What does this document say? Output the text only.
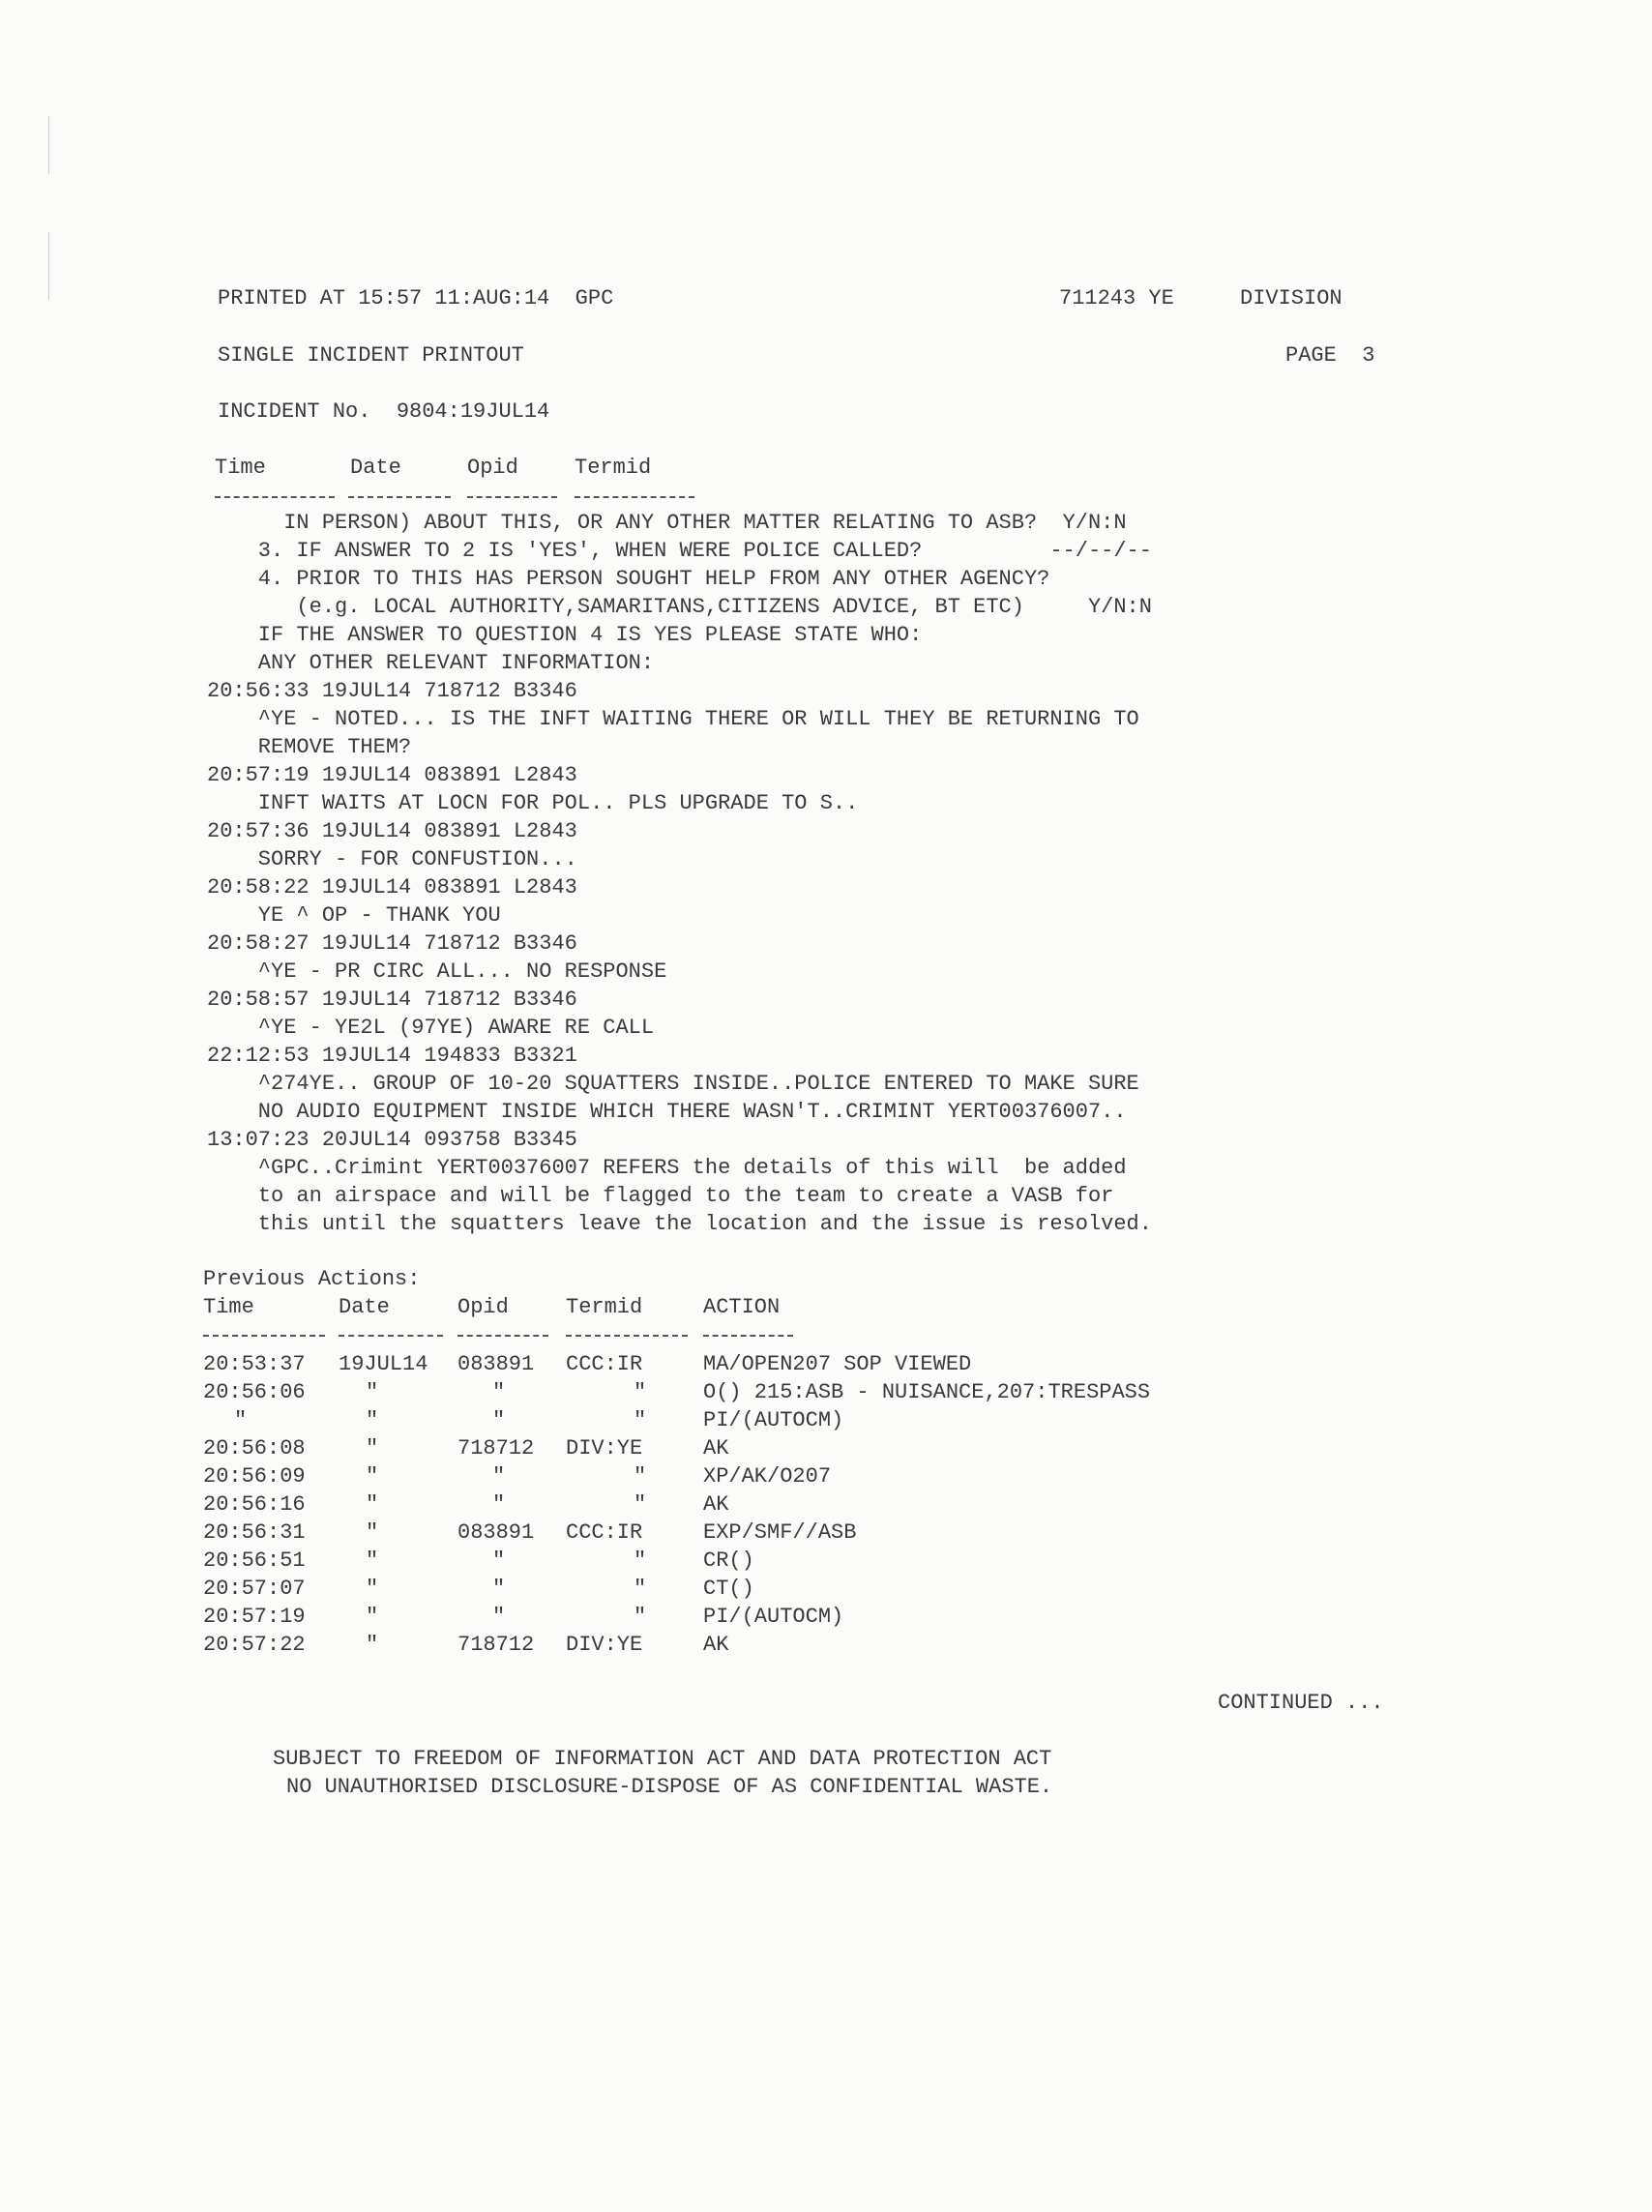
PRINTED AT 15:57 11:AUG:14  GPC	711243 YE	DIVISION
SINGLE INCIDENT PRINTOUT	PAGE  3
INCIDENT No.  9804:19JUL14
Time	Date	Opid	Termid
IN PERSON) ABOUT THIS, OR ANY OTHER MATTER RELATING TO ASB?  Y/N:N
3. IF ANSWER TO 2 IS 'YES', WHEN WERE POLICE CALLED?          --/--/--
4. PRIOR TO THIS HAS PERSON SOUGHT HELP FROM ANY OTHER AGENCY?
(e.g. LOCAL AUTHORITY,SAMARITANS,CITIZENS ADVICE, BT ETC)     Y/N:N
IF THE ANSWER TO QUESTION 4 IS YES PLEASE STATE WHO:
ANY OTHER RELEVANT INFORMATION:
20:56:33 19JUL14 718712 B3346
^YE - NOTED... IS THE INFT WAITING THERE OR WILL THEY BE RETURNING TO
REMOVE THEM?
20:57:19 19JUL14 083891 L2843
INFT WAITS AT LOCN FOR POL.. PLS UPGRADE TO S..
20:57:36 19JUL14 083891 L2843
SORRY - FOR CONFUSTION...
20:58:22 19JUL14 083891 L2843
YE ^ OP - THANK YOU
20:58:27 19JUL14 718712 B3346
^YE - PR CIRC ALL... NO RESPONSE
20:58:57 19JUL14 718712 B3346
^YE - YE2L (97YE) AWARE RE CALL
22:12:53 19JUL14 194833 B3321
^274YE.. GROUP OF 10-20 SQUATTERS INSIDE..POLICE ENTERED TO MAKE SURE
NO AUDIO EQUIPMENT INSIDE WHICH THERE WASN'T..CRIMINT YERT00376007..
13:07:23 20JUL14 093758 B3345
^GPC..Crimint YERT00376007 REFERS the details of this will  be added
to an airspace and will be flagged to the team to create a VASB for
this until the squatters leave the location and the issue is resolved.
Previous Actions:
Time	Date	Opid	Termid	ACTION
20:53:37 19JUL14 083891 CCC:IR	MA/OPEN207 SOP VIEWED
20:56:06	"	"	"	O() 215:ASB - NUISANCE,207:TRESPASS
"	"	"	"	PI/(AUTOCM)
20:56:08	"	718712 DIV:YE	AK
20:56:09	"	"	"	XP/AK/O207
20:56:16	"	"	"	AK
20:56:31	"	083891 CCC:IR	EXP/SMF//ASB
20:56:51	"	"	"	CR()
20:57:07	"	"	"	CT()
20:57:19	"	"	"	PI/(AUTOCM)
20:57:22	"	718712 DIV:YE	AK
CONTINUED ...
SUBJECT TO FREEDOM OF INFORMATION ACT AND DATA PROTECTION ACT
NO UNAUTHORISED DISCLOSURE-DISPOSE OF AS CONFIDENTIAL WASTE.
